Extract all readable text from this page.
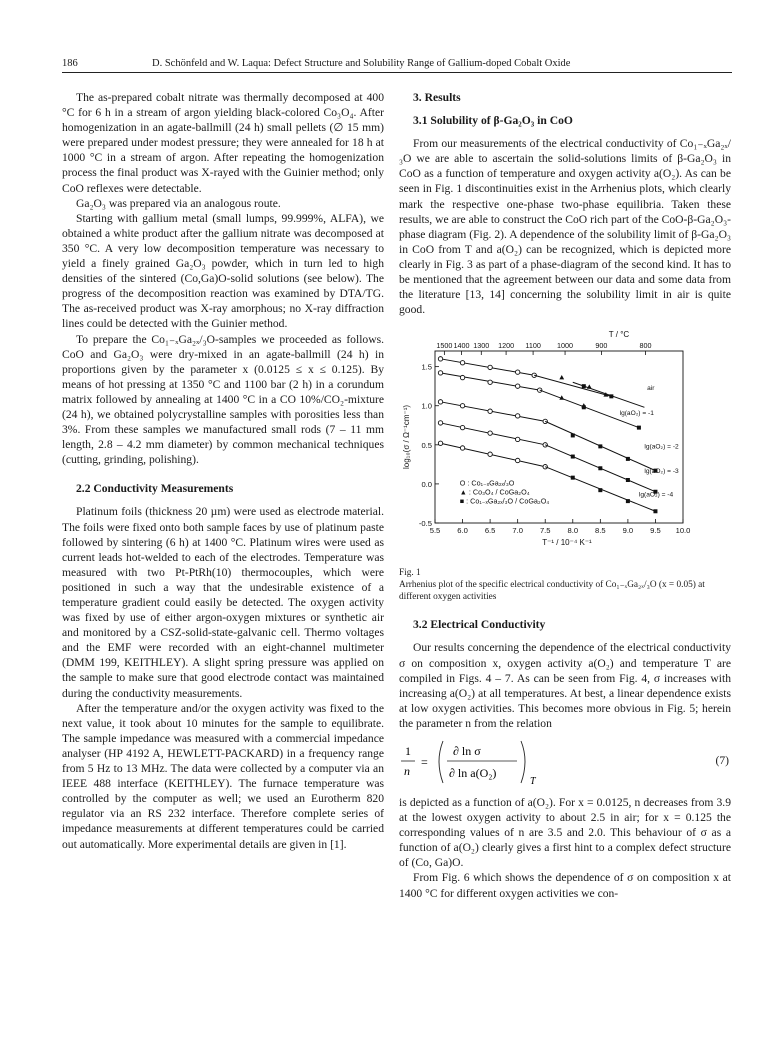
186	D. Schönfeld and W. Laqua: Defect Structure and Solubility Range of Gallium-doped Cobalt Oxide

The as-prepared cobalt nitrate was thermally decomposed at 400 °C for 6 h in a stream of argon yielding black-colored Co₃O₄. After homogenization in an agate-ballmill (24 h) small pellets (∅ 15 mm) were prepared under modest pressure; they were annealed for 18 h at 1000 °C in a stream of argon. After repeating the homogenization process the final product was X-rayed with the Guinier method; only CoO reflexes were detectable.

Ga₂O₃ was prepared via an analogous route.

Starting with gallium metal (small lumps, 99.999%, ALFA), we obtained a white product after the gallium nitrate was decomposed at 350 °C. A very low decomposition temperature was necessary to yield a finely grained Ga₂O₃ powder, which in turn led to high densities of the sintered (Co,Ga)O-solid solutions (see below). The progress of the decomposition reaction was examined by DTA/TG. The as-received product was X-ray amorphous; no X-ray diffraction lines could be detected with the Guinier method.

To prepare the Co₁₋ₓGa₂ₓ/₃O-samples we proceeded as follows. CoO and Ga₂O₃ were dry-mixed in an agate-ballmill (24 h) in proportions given by the parameter x (0.0125 ≤ x ≤ 0.125). By means of hot pressing at 1350 °C and 1100 bar (2 h) in a corundum matrix followed by annealing at 1400 °C in a CO 10%/CO₂-mixture (24 h), we obtained polycrystalline samples with porosities less than 3%. From these samples we manufactured small rods (7 – 11 mm length, 2.8 – 4.2 mm diameter) by common mechanical techniques (cutting, grinding, polishing).

2.2 Conductivity Measurements

Platinum foils (thickness 20 µm) were used as electrode material. The foils were fixed onto both sample faces by use of platinum paste followed by sintering (6 h) at 1400 °C. Platinum wires were used as current leads hot-welded to each of the electrodes. Temperature was measured with two Pt-PtRh(10) thermocouples, which were positioned in such a way that the undesirable existence of a temperature gradient could easily be detected. The oxygen activity was fixed by use of either argon-oxygen mixtures or synthetic air and monitored by a CSZ-solid-state-galvanic cell. Thermo voltages and the EMF were recorded with an eight-channel multimeter (DMM 199, KEITHLEY). A slight spring pressure was applied on the sample to make sure that good electrode contact was maintained during the conductivity measurements.

After the temperature and/or the oxygen activity was fixed to the next value, it took about 10 minutes for the sample to equilibrate. The sample impedance was measured with a commercial impedance analyser (HP 4192 A, HEWLETT-PACKARD) in a frequency range from 5 Hz to 13 MHz. The data were collected by a computer via an IEEE 488 interface (KEITHLEY). The furnace temperature was controlled by the computer as well; we used an Eurotherm 820 regulator via an RS 232 interface. Therefore complete series of impedance measurements at different temperatures could be carried out automatically. More experimental details are given in [1].

3. Results

3.1 Solubility of β-Ga₂O₃ in CoO

From our measurements of the electrical conductivity of Co₁₋ₓGa₂ₓ/₃O we are able to ascertain the solid-solutions limits of β-Ga₂O₃ in CoO as a function of temperature and oxygen activity a(O₂). As can be seen in Fig. 1 discontinuities exist in the Arrhenius plots, which clearly mark the respective one-phase two-phase equilibria. Taken these results, we are able to construct the CoO rich part of the CoO-β-Ga₂O₃-phase diagram (Fig. 2). A dependence of the solubility limit of β-Ga₂O₃ in CoO from T and a(O₂) can be recognized, which is depicted more clearly in Fig. 3 as part of a phase-diagram of the second kind. It has to be mentioned that the agreement between our data and some data from the literature [13, 14] concerning the solubility limit in air is quite good.

5.5 6.0 6.5 7.0 7.5 8.0 8.5 9.0 9.5 10.0
-0.5
0.0
0.5
1.0
1.5
1500 1400 1300 1200 1100 1000	900	800
T / °C
T⁻¹ / 10⁻⁴ K⁻¹
log₁₀(σ / Ω⁻¹cm⁻¹)
air
lg(aO₂) = -1
lg(aO₂) = -2
lg(aO₂) = -3
lg(aO₂) = -4
O : Co₁₋ₓGa₂ₓ/₃O
▲ : Co₃O₄ / CoGa₂O₄
■ : Co₁₋ₓGa₂ₓ/₃O / CoGa₂O₄

Fig. 1

Arrhenius plot of the specific electrical conductivity of Co₁₋ₓGa₂ₓ/₃O (x = 0.05) at different oxygen activities

3.2 Electrical Conductivity

Our results concerning the dependence of the electrical conductivity σ on composition x, oxygen activity a(O₂) and temperature T are compiled in Figs. 4 – 7. As can be seen from Fig. 4, σ increases with increasing a(O₂) at all temperatures. At best, a linear dependence exists at low oxygen activities. This becomes more obvious in Fig. 5; herein the parameter n from the relation

1
n
=
∂ ln σ
∂ ln a(O₂)
T
(7)

is depicted as a function of a(O₂). For x = 0.0125, n decreases from 3.9 at the lowest oxygen activity to about 2.5 in air; for x = 0.125 the corresponding values of n are 3.5 and 2.0. This behaviour of σ as a function of a(O₂) clearly gives a first hint to a complex defect structure of (Co, Ga)O.

From Fig. 6 which shows the dependence of σ on composition x at 1400 °C for different oxygen activities we con-
